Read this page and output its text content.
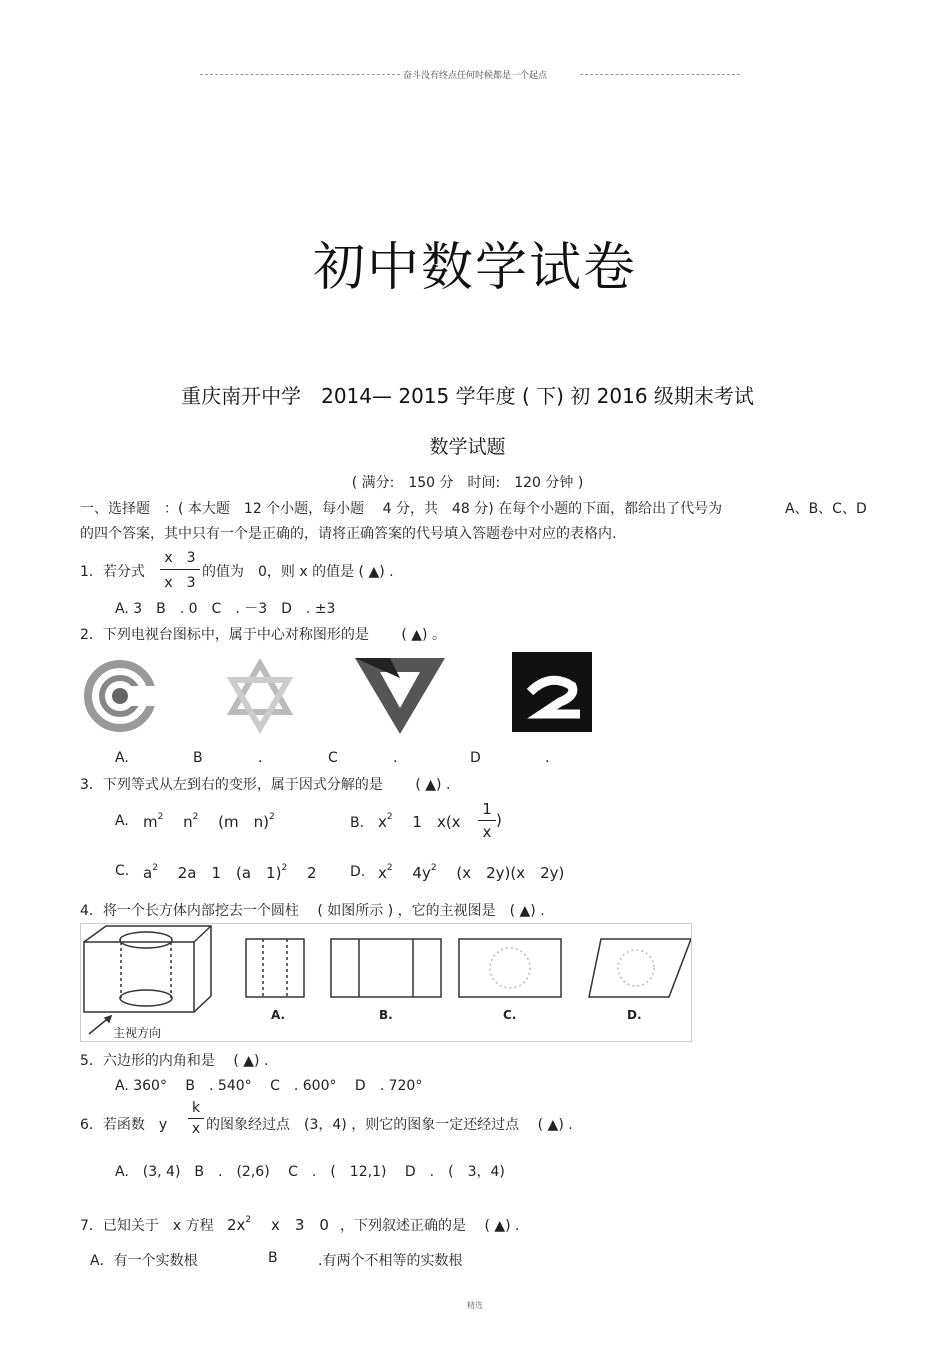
奋斗没有终点任何时候都是一个起点
初中数学试卷
重庆南开中学　2014— 2015 学年度 ( 下) 初 2016 级期末考试
数学试题
( 满分:　150 分　时间:　120 分钟 )
一、选择题　：( 本大题　12 个小题，每小题　 4 分，共　48 分) 在每个小题的下面，都给出了代号为	A、B、C、D
的四个答案，其中只有一个是正确的，请将正确答案的代号填入答题卷中对应的表格内.
1．若分式
x　3
x　3
的值为　0，则 x 的值是 ( ▲) .
A. 3　B　. 0　C　. －3　D　. ±3
2．下列电视台图标中，属于中心对称图形的是　　 ( ▲) 。
A.	B	.	C	.	D	.
3．下列等式从左到右的变形，属于因式分解的是　　 ( ▲) .
A. $m^2$　 $n^2$　 (m　n)$^2$	B. $x^2$　 1　x(x
1
x
)
C. $a^2$　 2a　1　(a　1)$^2$　 2 D. $x^2$　 $4y^2$　 (x　2y)(x　2y)
4．将一个长方体内部挖去一个圆柱　 ( 如图所示 ) ，它的主视图是　( ▲) .
主视方向
A.	B.	C.	D.
5．六边形的内角和是　 ( ▲) .
A. 360°　 B　. 540°　 C　. 600°　 D　. 720°
6．若函数　y
k
x 的图象经过点　(3，4) ，则它的图象一定还经过点　 ( ▲) .
A.　(3, 4)　B　.　(2,6)　 C　.　(　12,1)　 D　.　(　3，4)
7．已知关于　x 方程 $2x^2$　 x　3　0 ，下列叙述正确的是　 ( ▲) .
A．有一个实数根	B	.有两个不相等的实数根
精选
